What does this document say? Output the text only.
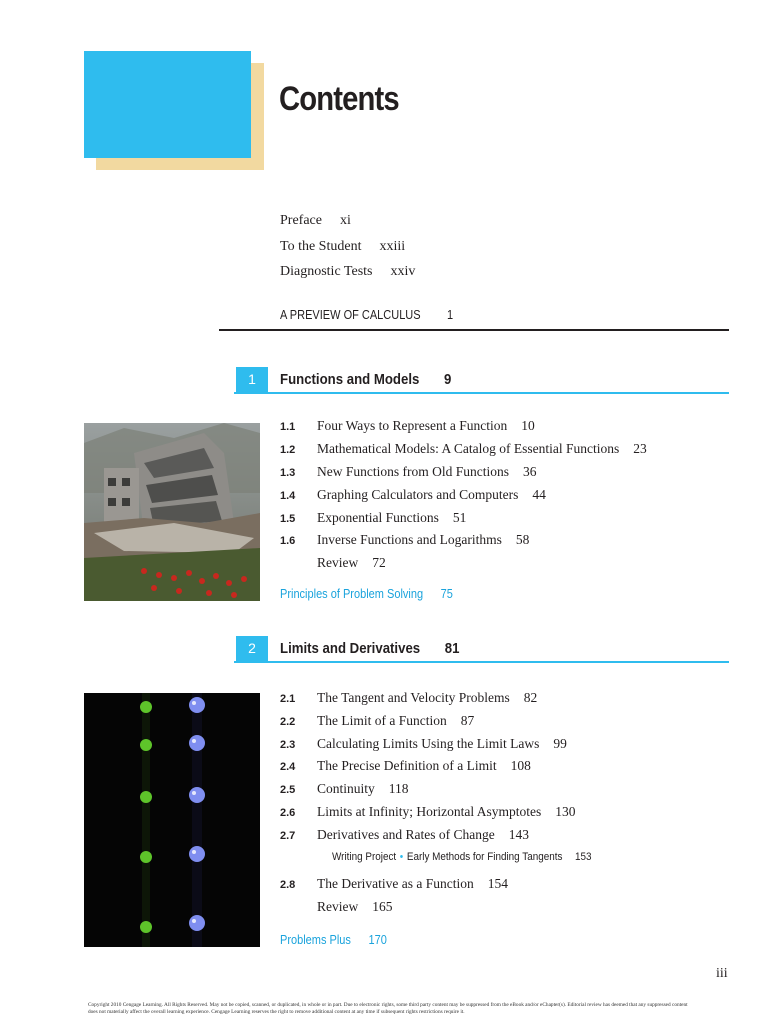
Contents
Preface xi
To the Student xxiii
Diagnostic Tests xxiv
A PREVIEW OF CALCULUS 1
1	Functions and Models 9
1.1 Four Ways to Represent a Function 10
1.2 Mathematical Models: A Catalog of Essential Functions 23
1.3 New Functions from Old Functions 36
1.4 Graphing Calculators and Computers 44
1.5 Exponential Functions 51
1.6 Inverse Functions and Logarithms 58
Review 72
Principles of Problem Solving 75
2	Limits and Derivatives 81
2.1 The Tangent and Velocity Problems 82
2.2 The Limit of a Function 87
2.3 Calculating Limits Using the Limit Laws 99
2.4 The Precise Definition of a Limit 108
2.5 Continuity 118
2.6 Limits at Infinity; Horizontal Asymptotes 130
2.7 Derivatives and Rates of Change 143
Writing Project • Early Methods for Finding Tangents 153
2.8 The Derivative as a Function 154
Review 165
Problems Plus 170
iii
Copyright 2010 Cengage Learning. All Rights Reserved. May not be copied, scanned, or duplicated, in whole or in part. Due to electronic rights, some third party content may be suppressed from the eBook and/or eChapter(s). Editorial review has deemed that any suppressed content does not materially affect the overall learning experience. Cengage Learning reserves the right to remove additional content at any time if subsequent rights restrictions require it.
